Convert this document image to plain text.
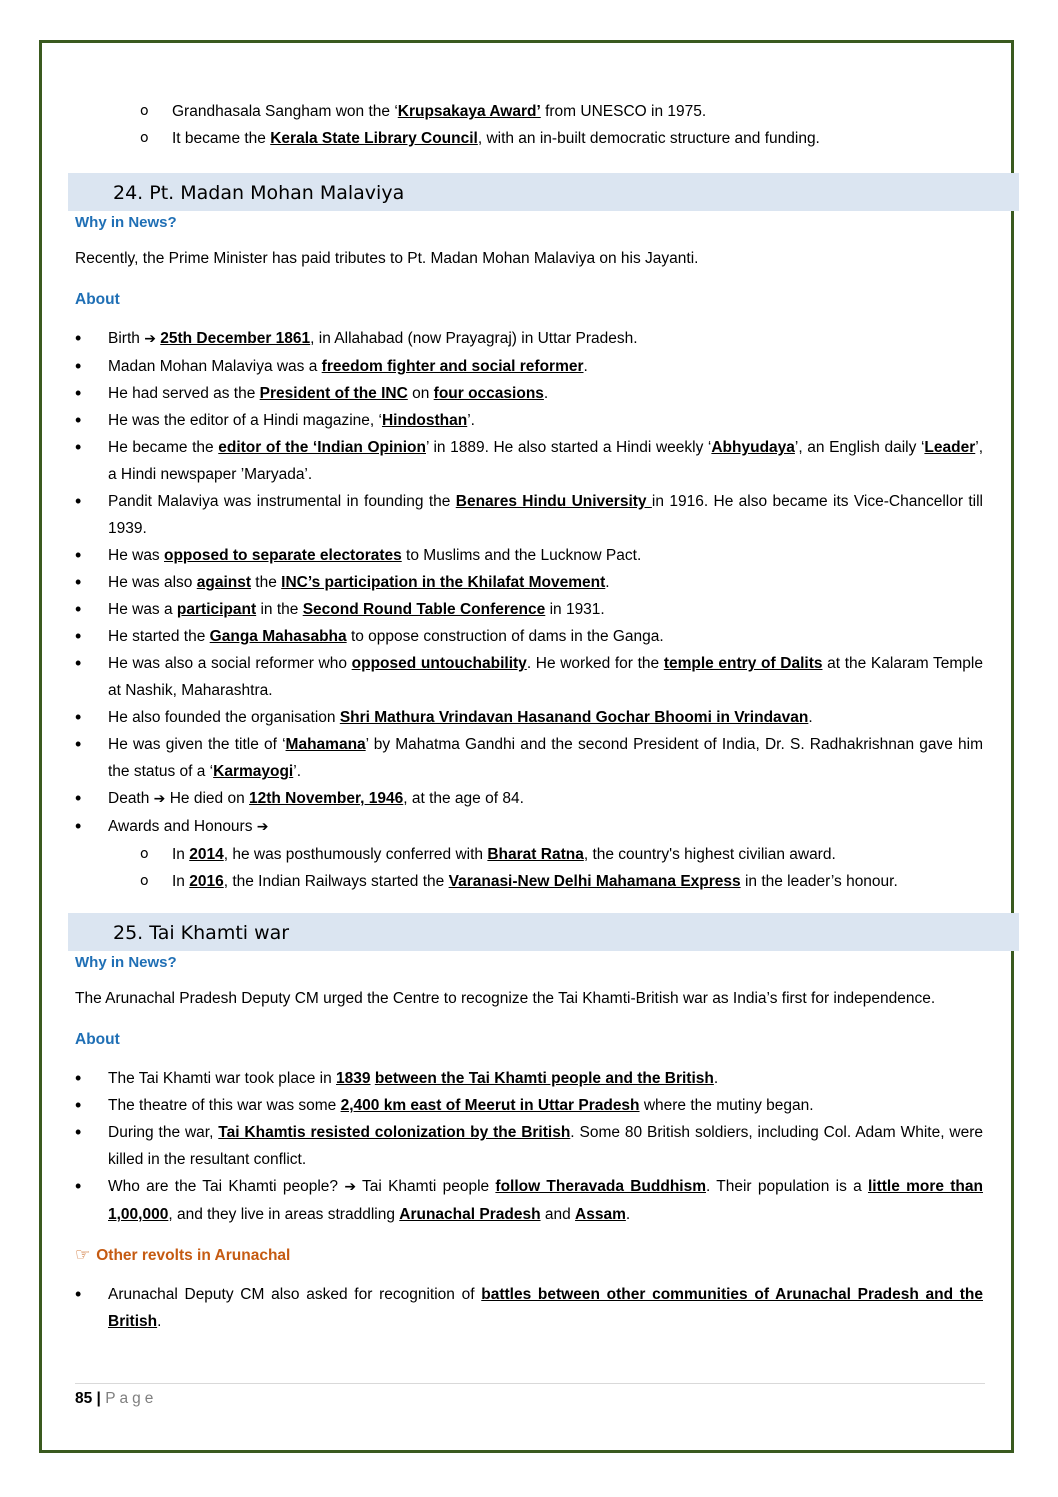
o Grandhasala Sangham won the ‘Krupsakaya Award’ from UNESCO in 1975.
o It became the Kerala State Library Council, with an in-built democratic structure and funding.
24. Pt. Madan Mohan Malaviya
Why in News?

Recently, the Prime Minister has paid tributes to Pt. Madan Mohan Malaviya on his Jayanti.

About
• Birth ➔ 25th December 1861, in Allahabad (now Prayagraj) in Uttar Pradesh.
• Madan Mohan Malaviya was a freedom fighter and social reformer.
• He had served as the President of the INC on four occasions.
• He was the editor of a Hindi magazine, ‘Hindosthan’.
• He became the editor of the ‘Indian Opinion’ in 1889. He also started a Hindi weekly ‘Abhyudaya’, an English daily ‘Leader’, a Hindi newspaper ’Maryada’.
• Pandit Malaviya was instrumental in founding the Benares Hindu University in 1916. He also became its Vice-Chancellor till 1939.
• He was opposed to separate electorates to Muslims and the Lucknow Pact.
• He was also against the INC’s participation in the Khilafat Movement.
• He was a participant in the Second Round Table Conference in 1931.
• He started the Ganga Mahasabha to oppose construction of dams in the Ganga.
• He was also a social reformer who opposed untouchability. He worked for the temple entry of Dalits at the Kalaram Temple at Nashik, Maharashtra.
• He also founded the organisation Shri Mathura Vrindavan Hasanand Gochar Bhoomi in Vrindavan.
• He was given the title of ‘Mahamana’ by Mahatma Gandhi and the second President of India, Dr. S. Radhakrishnan gave him the status of a ‘Karmayogi’.
• Death ➔ He died on 12th November, 1946, at the age of 84.
• Awards and Honours ➔
o In 2014, he was posthumously conferred with Bharat Ratna, the country's highest civilian award.
o In 2016, the Indian Railways started the Varanasi-New Delhi Mahamana Express in the leader’s honour.
25. Tai Khamti war
Why in News?

The Arunachal Pradesh Deputy CM urged the Centre to recognize the Tai Khamti-British war as India’s first for independence.

About
• The Tai Khamti war took place in 1839 between the Tai Khamti people and the British.
• The theatre of this war was some 2,400 km east of Meerut in Uttar Pradesh where the mutiny began.
• During the war, Tai Khamtis resisted colonization by the British. Some 80 British soldiers, including Col. Adam White, were killed in the resultant conflict.
• Who are the Tai Khamti people? ➔ Tai Khamti people follow Theravada Buddhism. Their population is a little more than 1,00,000, and they live in areas straddling Arunachal Pradesh and Assam.
☞ Other revolts in Arunachal
• Arunachal Deputy CM also asked for recognition of battles between other communities of Arunachal Pradesh and the British.
85 | Page
